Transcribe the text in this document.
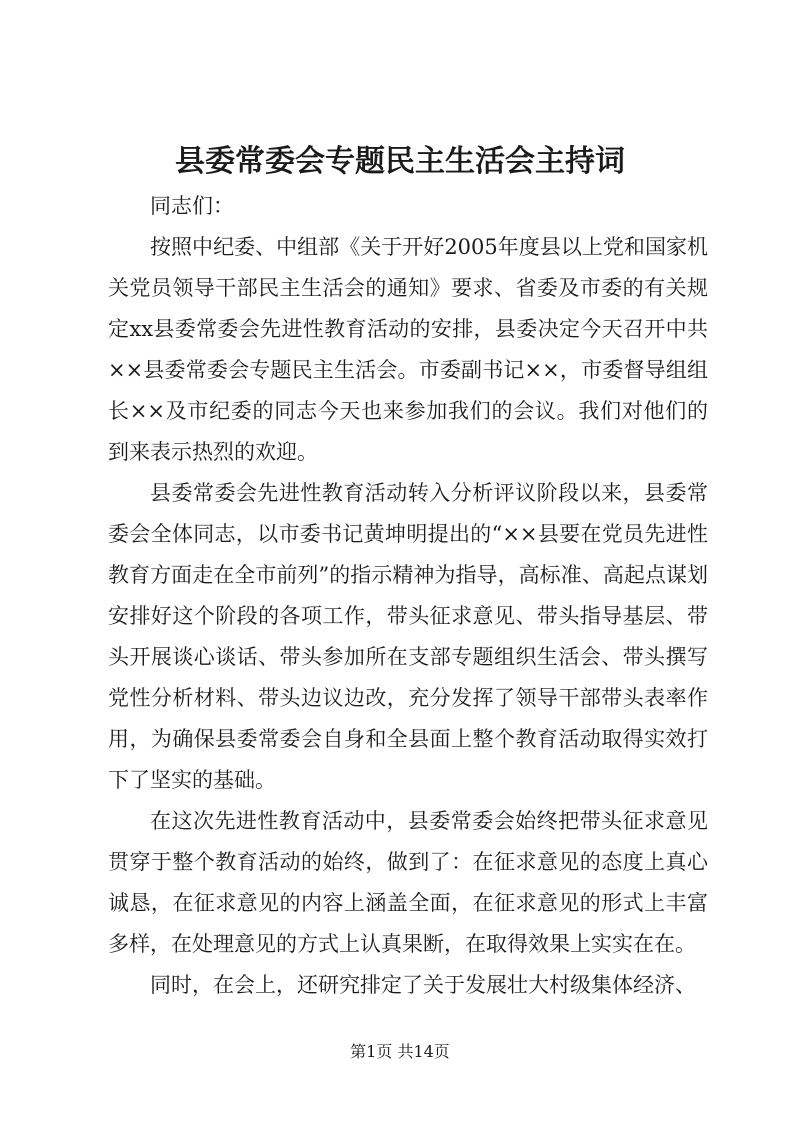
县委常委会专题民主生活会主持词

同志们：

按照中纪委、中组部《关于开好2005年度县以上党和国家机关党员领导干部民主生活会的通知》要求、省委及市委的有关规定xx县委常委会先进性教育活动的安排，县委决定今天召开中共××县委常委会专题民主生活会。市委副书记××，市委督导组组长××及市纪委的同志今天也来参加我们的会议。我们对他们的到来表示热烈的欢迎。

县委常委会先进性教育活动转入分析评议阶段以来，县委常委会全体同志，以市委书记黄坤明提出的“××县要在党员先进性教育方面走在全市前列”的指示精神为指导，高标准、高起点谋划安排好这个阶段的各项工作，带头征求意见、带头指导基层、带头开展谈心谈话、带头参加所在支部专题组织生活会、带头撰写党性分析材料、带头边议边改，充分发挥了领导干部带头表率作用，为确保县委常委会自身和全县面上整个教育活动取得实效打下了坚实的基础。

在这次先进性教育活动中，县委常委会始终把带头征求意见贯穿于整个教育活动的始终，做到了：在征求意见的态度上真心诚恳，在征求意见的内容上涵盖全面，在征求意见的形式上丰富多样，在处理意见的方式上认真果断，在取得效果上实实在在。

同时，在会上，还研究排定了关于发展壮大村级集体经济、

第1页 共14页
